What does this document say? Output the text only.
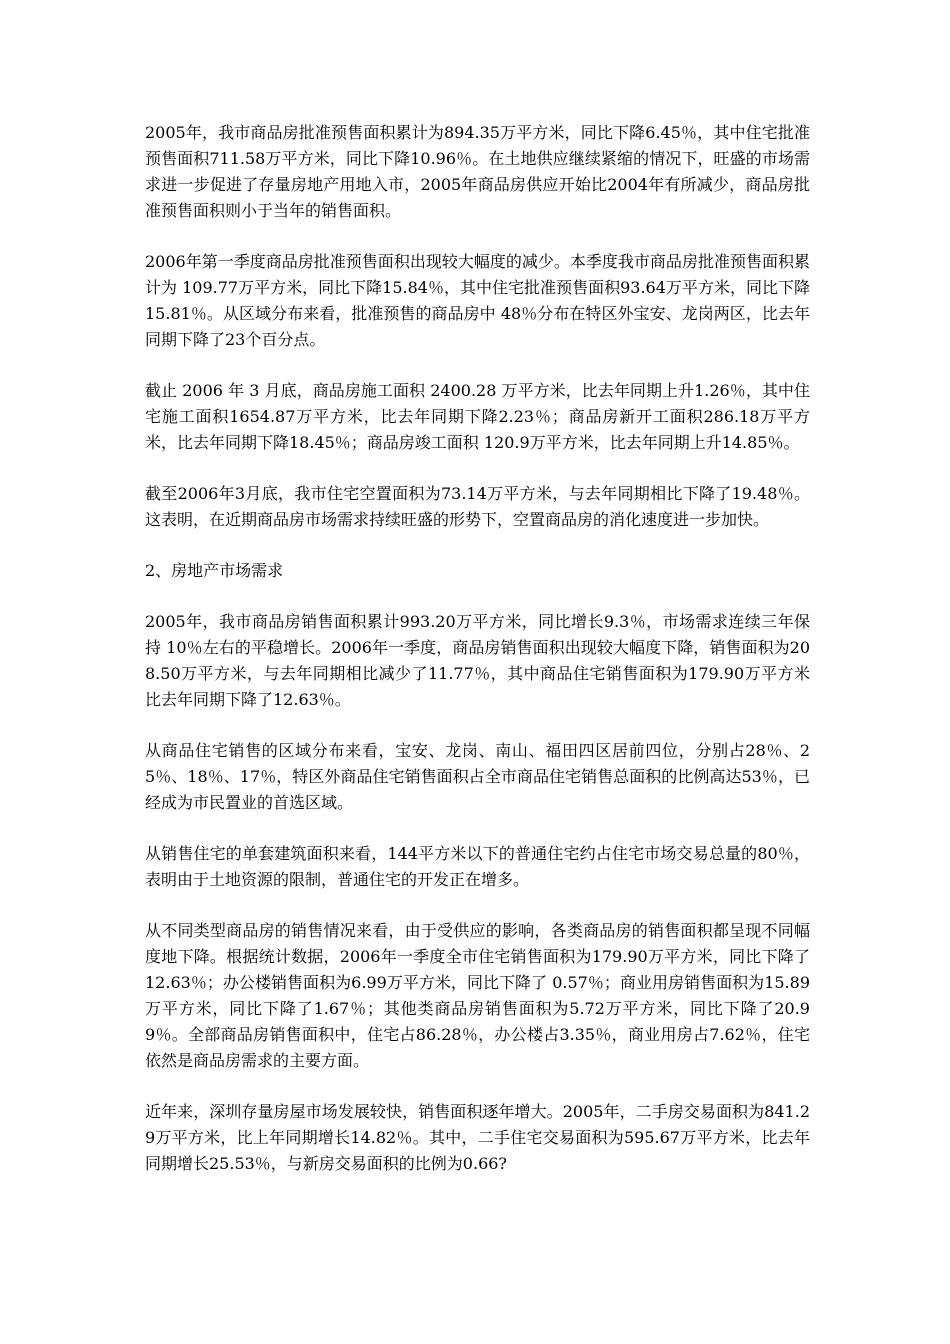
2005年，我市商品房批准预售面积累计为894.35万平方米，同比下降6.45％，其中住宅批准预售面积711.58万平方米，同比下降10.96％。在土地供应继续紧缩的情况下，旺盛的市场需求进一步促进了存量房地产用地入市，2005年商品房供应开始比2004年有所减少，商品房批准预售面积则小于当年的销售面积。

2006年第一季度商品房批准预售面积出现较大幅度的减少。本季度我市商品房批准预售面积累计为 109.77万平方米，同比下降15.84％，其中住宅批准预售面积93.64万平方米，同比下降15.81％。从区域分布来看，批准预售的商品房中 48％分布在特区外宝安、龙岗两区，比去年同期下降了23个百分点。

截止 2006 年 3 月底，商品房施工面积 2400.28 万平方米，比去年同期上升1.26％，其中住宅施工面积1654.87万平方米，比去年同期下降2.23％；商品房新开工面积286.18万平方米，比去年同期下降18.45％；商品房竣工面积 120.9万平方米，比去年同期上升14.85％。

截至2006年3月底，我市住宅空置面积为73.14万平方米，与去年同期相比下降了19.48％。这表明，在近期商品房市场需求持续旺盛的形势下，空置商品房的消化速度进一步加快。

2、房地产市场需求

2005年，我市商品房销售面积累计993.20万平方米，同比增长9.3％，市场需求连续三年保持 10％左右的平稳增长。2006年一季度，商品房销售面积出现较大幅度下降，销售面积为208.50万平方米，与去年同期相比减少了11.77％，其中商品住宅销售面积为179.90万平方米比去年同期下降了12.63％。

从商品住宅销售的区域分布来看，宝安、龙岗、南山、福田四区居前四位，分别占28％、25％、18％、17％，特区外商品住宅销售面积占全市商品住宅销售总面积的比例高达53％，已经成为市民置业的首选区域。

从销售住宅的单套建筑面积来看，144平方米以下的普通住宅约占住宅市场交易总量的80％，表明由于土地资源的限制，普通住宅的开发正在增多。

从不同类型商品房的销售情况来看，由于受供应的影响，各类商品房的销售面积都呈现不同幅度地下降。根据统计数据，2006年一季度全市住宅销售面积为179.90万平方米，同比下降了12.63％；办公楼销售面积为6.99万平方米，同比下降了 0.57％；商业用房销售面积为15.89万平方米，同比下降了1.67％；其他类商品房销售面积为5.72万平方米，同比下降了20.99％。全部商品房销售面积中，住宅占86.28％，办公楼占3.35％，商业用房占7.62％，住宅依然是商品房需求的主要方面。

近年来，深圳存量房屋市场发展较快，销售面积逐年增大。2005年，二手房交易面积为841.29万平方米，比上年同期增长14.82％。其中，二手住宅交易面积为595.67万平方米，比去年同期增长25.53％，与新房交易面积的比例为0.66?
